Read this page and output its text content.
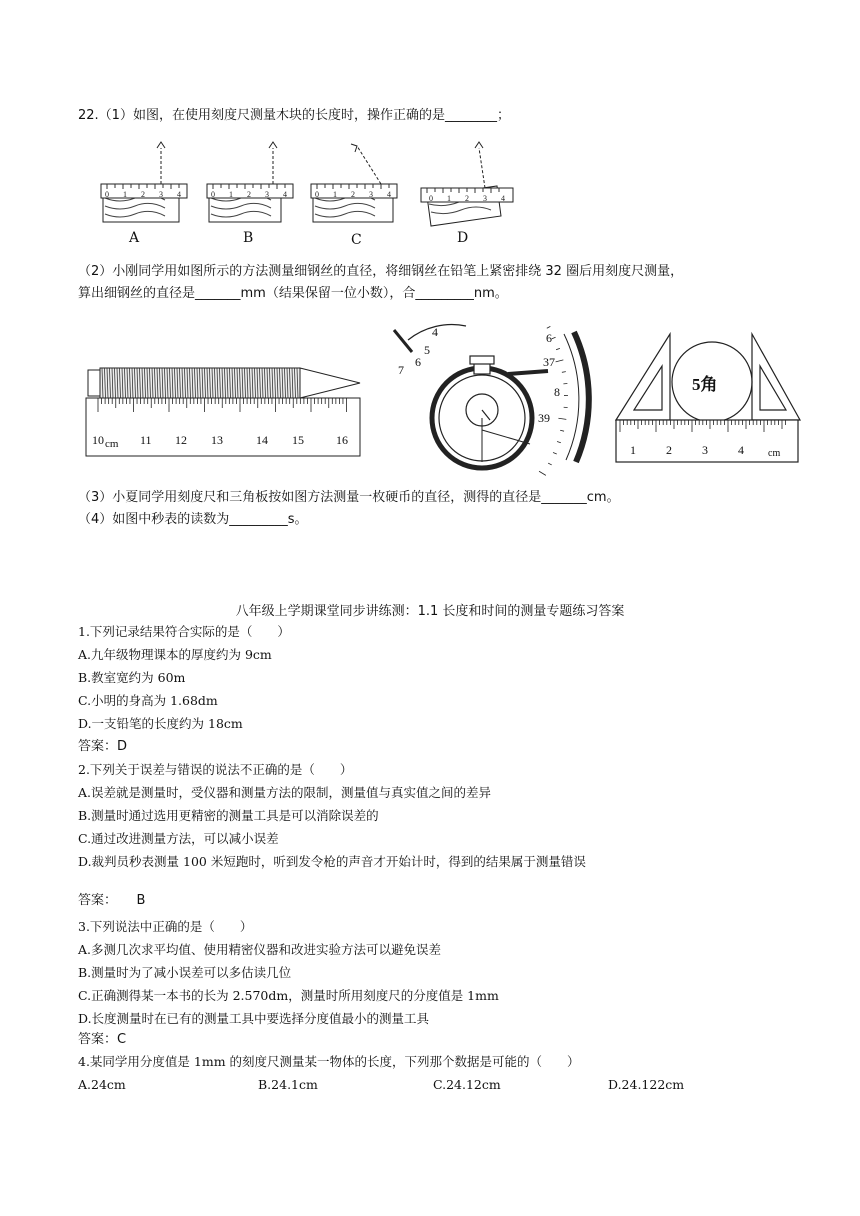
22.（1）如图，在使用刻度尺测量木块的长度时，操作正确的是________；
0 1 2 3 4	0 1 2 3 4	0 1 2 3 4	0 1 2 3 4
A	B	C	D
（2）小刚同学用如图所示的方法测量细钢丝的直径，将细钢丝在铅笔上紧密排绕 32 圈后用刻度尺测量，
算出细钢丝的直径是_______mm（结果保留一位小数），合_________nm。
10 cm 11 12 13	14 15	16
4
5
6
7
6
37
8
39
5角
1	2	3	4 cm
（3）小夏同学用刻度尺和三角板按如图方法测量一枚硬币的直径，测得的直径是_______cm。
（4）如图中秒表的读数为_________s。
八年级上学期课堂同步讲练测：1.1 长度和时间的测量专题练习答案
1.下列记录结果符合实际的是（　　）
A.九年级物理课本的厚度约为 9cm
B.教室宽约为 60m
C.小明的身高为 1.68dm
D.一支铅笔的长度约为 18cm
答案：D
2.下列关于误差与错误的说法不正确的是（　　）
A.误差就是测量时，受仪器和测量方法的限制，测量值与真实值之间的差异
B.测量时通过选用更精密的测量工具是可以消除误差的
C.通过改进测量方法，可以减小误差
D.裁判员秒表测量 100 米短跑时，听到发令枪的声音才开始计时，得到的结果属于测量错误
答案：　　B
3.下列说法中正确的是（　　）
A.多测几次求平均值、使用精密仪器和改进实验方法可以避免误差
B.测量时为了减小误差可以多估读几位
C.正确测得某一本书的长为 2.570dm，测量时所用刻度尺的分度值是 1mm
D.长度测量时在已有的测量工具中要选择分度值最小的测量工具
答案：C
4.某同学用分度值是 1mm 的刻度尺测量某一物体的长度，下列那个数据是可能的（　　）
A.24cm	B.24.1cm	C.24.12cm	D.24.122cm
